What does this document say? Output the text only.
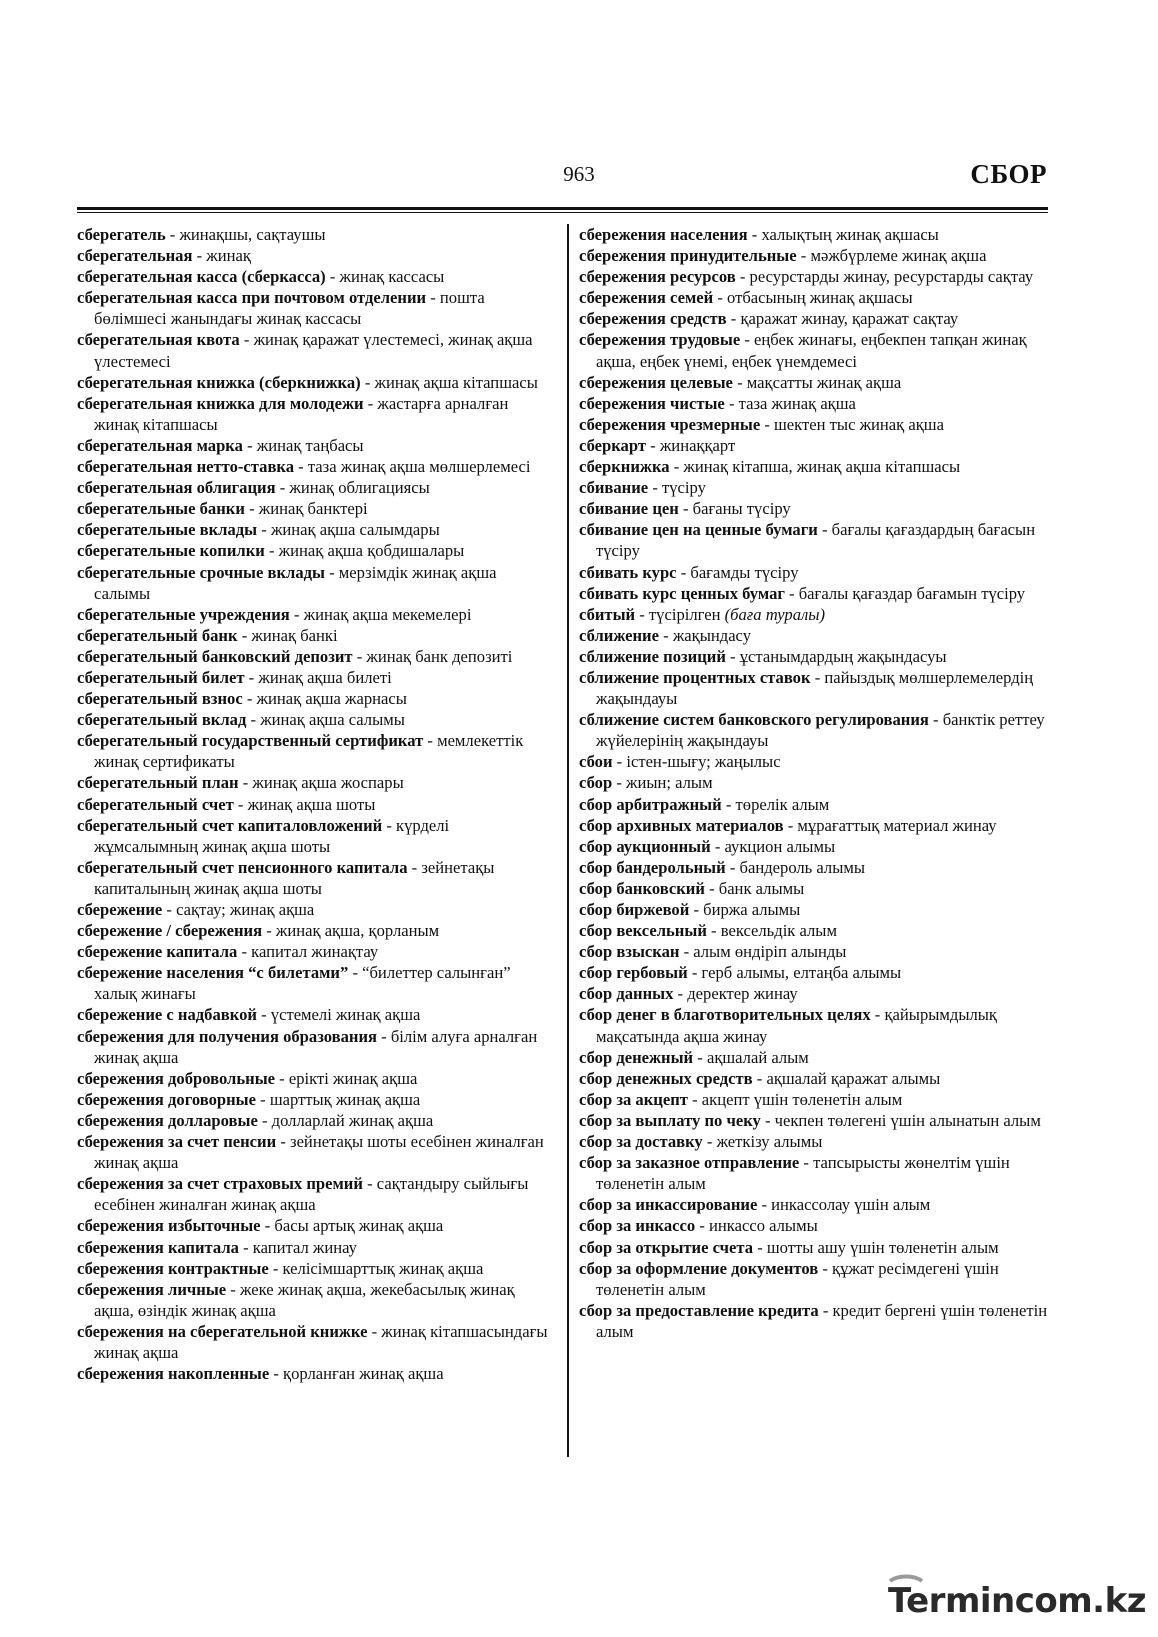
963	СБОР
сберегатель - жинақшы, сақтаушы
сберегательная - жинақ
сберегательная касса (сберкасса) - жинақ кассасы
сберегательная касса при почтовом отделении - пошта бөлімшесі жанындағы жинақ кассасы
сберегательная квота - жинақ қаражат үлестемесі, жинақ ақша үлестемесі
сберегательная книжка (сберкнижка) - жинақ ақша кітапшасы
сберегательная книжка для молодежи - жастарға арналған жинақ кітапшасы
сберегательная марка - жинақ таңбасы
сберегательная нетто-ставка - таза жинақ ақша мөлшерлемесі
сберегательная облигация - жинақ облигациясы
сберегательные банки - жинақ банктері
сберегательные вклады - жинақ ақша салымдары
сберегательные копилки - жинақ ақша қобдишалары
сберегательные срочные вклады - мерзімдік жинақ ақша салымы
сберегательные учреждения - жинақ ақша мекемелері
сберегательный банк - жинақ банкі
сберегательный банковский депозит - жинақ банк депозиті
сберегательный билет - жинақ ақша билеті
сберегательный взнос - жинақ ақша жарнасы
сберегательный вклад - жинақ ақша салымы
сберегательный государственный сертификат - мемлекеттік жинақ сертификаты
сберегательный план - жинақ ақша жоспары
сберегательный счет - жинақ ақша шоты
сберегательный счет капиталовложений - күрделі жұмсалымның жинақ ақша шоты
сберегательный счет пенсионного капитала - зейнетақы капиталының жинақ ақша шоты
сбережение - сақтау; жинақ ақша
сбережение / сбережения - жинақ ақша, қорланым
сбережение капитала - капитал жинақтау
сбережение населения “с билетами” - “билеттер салынған” халық жинағы
сбережение с надбавкой - үстемелі жинақ ақша
сбережения для получения образования - білім алуға арналған жинақ ақша
сбережения добровольные - ерікті жинақ ақша
сбережения договорные - шарттық жинақ ақша
сбережения долларовые - долларлай жинақ ақша
сбережения за счет пенсии - зейнетақы шоты есебінен жиналған жинақ ақша
сбережения за счет страховых премий - сақтандыру сыйлығы есебінен жиналған жинақ ақша
сбережения избыточные - басы артық жинақ ақша
сбережения капитала - капитал жинау
сбережения контрактные - келісімшарттық жинақ ақша
сбережения личные - жеке жинақ ақша, жекебасылық жинақ ақша, өзіндік жинақ ақша
сбережения на сберегательной книжке - жинақ кітапшасындағы жинақ ақша
сбережения накопленные - қорланған жинақ ақша
сбережения населения - халықтың жинақ ақшасы
сбережения принудительные - мәжбүрлеме жинақ ақша
сбережения ресурсов - ресурстарды жинау, ресурстарды сақтау
сбережения семей - отбасының жинақ ақшасы
сбережения средств - қаражат жинау, қаражат сақтау
сбережения трудовые - еңбек жинағы, еңбекпен тапқан жинақ ақша, еңбек үнемі, еңбек үнемдемесі
сбережения целевые - мақсатты жинақ ақша
сбережения чистые - таза жинақ ақша
сбережения чрезмерные - шектен тыс жинақ ақша
сберкарт - жинаққарт
сберкнижка - жинақ кітапша, жинақ ақша кітапшасы
сбивание - түсіру
сбивание цен - бағаны түсіру
сбивание цен на ценные бумаги - бағалы қағаздардың бағасын түсіру
сбивать курс - бағамды түсіру
сбивать курс ценных бумаг - бағалы қағаздар бағамын түсіру
сбитый - түсірілген (баға туралы)
сближение - жақындасу
сближение позиций - ұстанымдардың жақындасуы
сближение процентных ставок - пайыздық мөлшерлемелердің жақындауы
сближение систем банковского регулирования - банктік реттеу жүйелерінің жақындауы
сбои - істен-шығу; жаңылыс
сбор - жиын; алым
сбор арбитражный - төрелік алым
сбор архивных материалов - мұрағаттық материал жинау
сбор аукционный - аукцион алымы
сбор бандерольный - бандероль алымы
сбор банковский - банк алымы
сбор биржевой - биржа алымы
сбор вексельный - вексельдік алым
сбор взыскан - алым өндіріп алынды
сбор гербовый - герб алымы, елтаңба алымы
сбор данных - деректер жинау
сбор денег в благотворительных целях - қайырымдылық мақсатында ақша жинау
сбор денежный - ақшалай алым
сбор денежных средств - ақшалай қаражат алымы
сбор за акцепт - акцепт үшін төленетін алым
сбор за выплату по чеку - чекпен төлегені үшін алынатын алым
сбор за доставку - жеткізу алымы
сбор за заказное отправление - тапсырысты жөнелтім үшін төленетін алым
сбор за инкассирование - инкассолау үшін алым
сбор за инкассо - инкассо алымы
сбор за открытие счета - шотты ашу үшін төленетін алым
сбор за оформление документов - құжат ресімдегені үшін төленетін алым
сбор за предоставление кредита - кредит бергені үшін төленетін алым
Termincom.kz
